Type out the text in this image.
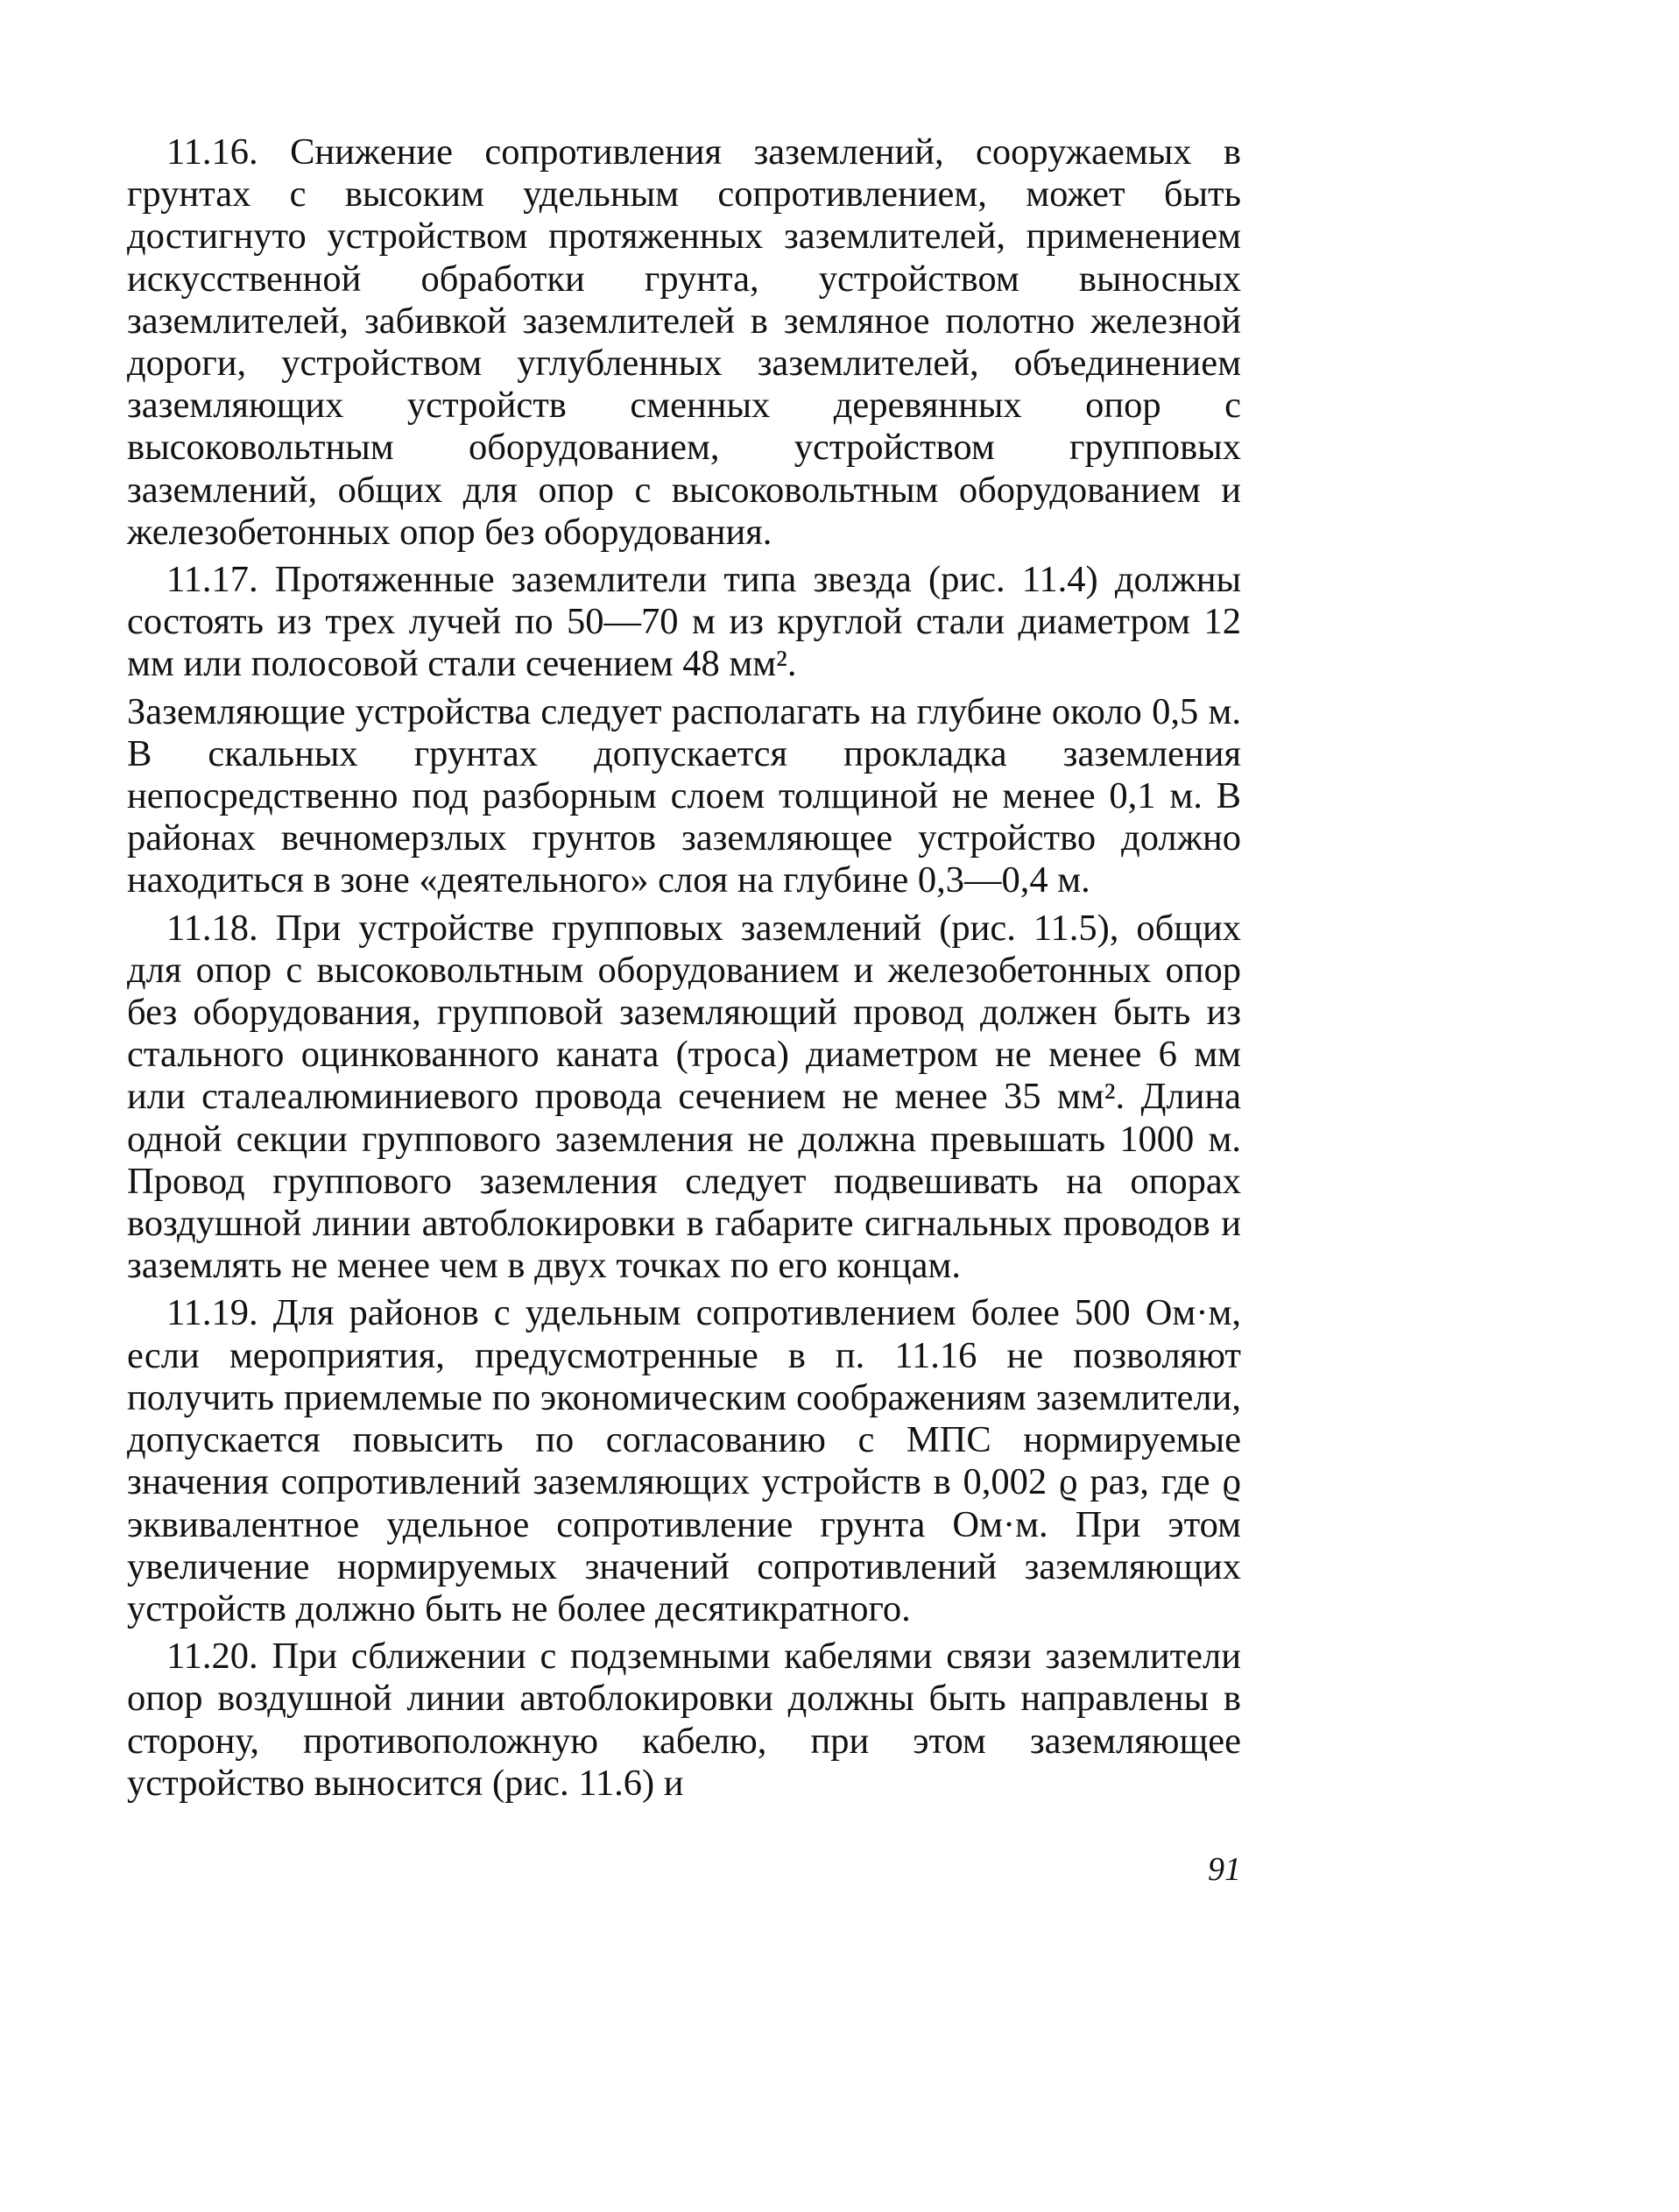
11.16. Снижение сопротивления заземлений, сооружаемых в грунтах с высоким удельным сопротивлением, может быть достигнуто устройством протяженных заземлителей, применением искусственной обработки грунта, устройством выносных заземлителей, забивкой заземлителей в земляное полотно железной дороги, устройством углубленных заземлителей, объединением заземляющих устройств сменных деревянных опор с высоковольтным оборудованием, устройством групповых заземлений, общих для опор с высоковольтным оборудованием и железобетонных опор без оборудования.

11.17. Протяженные заземлители типа звезда (рис. 11.4) должны состоять из трех лучей по 50—70 м из круглой стали диаметром 12 мм или полосовой стали сечением 48 мм².

Заземляющие устройства следует располагать на глубине около 0,5 м. В скальных грунтах допускается прокладка заземления непосредственно под разборным слоем толщиной не менее 0,1 м. В районах вечномерзлых грунтов заземляющее устройство должно находиться в зоне «деятельного» слоя на глубине 0,3—0,4 м.

11.18. При устройстве групповых заземлений (рис. 11.5), общих для опор с высоковольтным оборудованием и железобетонных опор без оборудования, групповой заземляющий провод должен быть из стального оцинкованного каната (троса) диаметром не менее 6 мм или сталеалюминиевого провода сечением не менее 35 мм². Длина одной секции группового заземления не должна превышать 1000 м. Провод группового заземления следует подвешивать на опорах воздушной линии автоблокировки в габарите сигнальных проводов и заземлять не менее чем в двух точках по его концам.

11.19. Для районов с удельным сопротивлением более 500 Ом·м, если мероприятия, предусмотренные в п. 11.16 не позволяют получить приемлемые по экономическим соображениям заземлители, допускается повысить по согласованию с МПС нормируемые значения сопротивлений заземляющих устройств в 0,002 ϱ раз, где ϱ эквивалентное удельное сопротивление грунта Ом·м. При этом увеличение нормируемых значений сопротивлений заземляющих устройств должно быть не более десятикратного.

11.20. При сближении с подземными кабелями связи заземлители опор воздушной линии автоблокировки должны быть направлены в сторону, противоположную кабелю, при этом заземляющее устройство выносится (рис. 11.6) и

91
